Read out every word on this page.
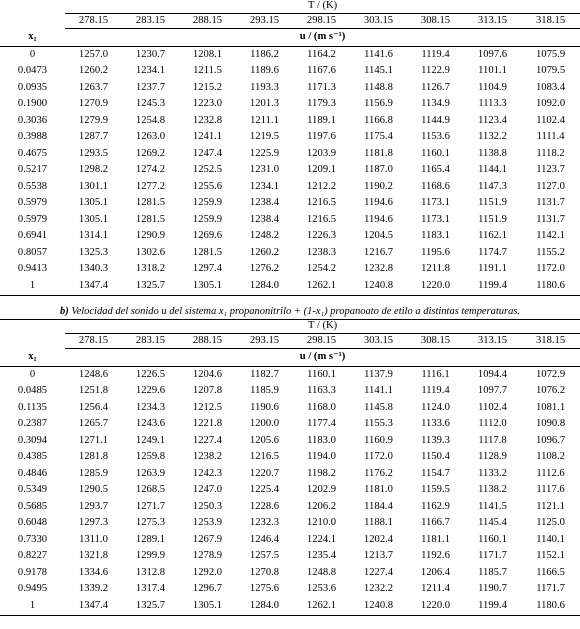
	T / (K)								
	278.15	283.15	288.15	293.15	298.15	303.15	308.15	313.15	318.15
x₁	u / (m s⁻¹)								
0	1257.0	1230.7	1208.1	1186.2	1164.2	1141.6	1119.4	1097.6	1075.9
0.0473	1260.2	1234.1	1211.5	1189.6	1167.6	1145.1	1122.9	1101.1	1079.5
0.0935	1263.7	1237.7	1215.2	1193.3	1171.3	1148.8	1126.7	1104.9	1083.4
0.1900	1270.9	1245.3	1223.0	1201.3	1179.3	1156.9	1134.9	1113.3	1092.0
0.3036	1279.9	1254.8	1232.8	1211.1	1189.1	1166.8	1144.9	1123.4	1102.4
0.3988	1287.7	1263.0	1241.1	1219.5	1197.6	1175.4	1153.6	1132.2	1111.4
0.4675	1293.5	1269.2	1247.4	1225.9	1203.9	1181.8	1160.1	1138.8	1118.2
0.5217	1298.2	1274.2	1252.5	1231.0	1209.1	1187.0	1165.4	1144.1	1123.7
0.5538	1301.1	1277.2	1255.6	1234.1	1212.2	1190.2	1168.6	1147.3	1127.0
0.5979	1305.1	1281.5	1259.9	1238.4	1216.5	1194.6	1173.1	1151.9	1131.7
0.5979	1305.1	1281.5	1259.9	1238.4	1216.5	1194.6	1173.1	1151.9	1131.7
0.6941	1314.1	1290.9	1269.6	1248.2	1226.3	1204.5	1183.1	1162.1	1142.1
0.8057	1325.3	1302.6	1281.5	1260.2	1238.3	1216.7	1195.6	1174.7	1155.2
0.9413	1340.3	1318.2	1297.4	1276.2	1254.2	1232.8	1211.8	1191.1	1172.0
1	1347.4	1325.7	1305.1	1284.0	1262.1	1240.8	1220.0	1199.4	1180.6
b) Velocidad del sonido u del sistema x₁ propanonitrilo + (1-x₁) propanoato de etilo a distintas temperaturas.
	T / (K)								
	278.15	283.15	288.15	293.15	298.15	303.15	308.15	313.15	318.15
x₁	u / (m s⁻¹)								
0	1248.6	1226.5	1204.6	1182.7	1160.1	1137.9	1116.1	1094.4	1072.9
0.0485	1251.8	1229.6	1207.8	1185.9	1163.3	1141.1	1119.4	1097.7	1076.2
0.1135	1256.4	1234.3	1212.5	1190.6	1168.0	1145.8	1124.0	1102.4	1081.1
0.2387	1265.7	1243.6	1221.8	1200.0	1177.4	1155.3	1133.6	1112.0	1090.8
0.3094	1271.1	1249.1	1227.4	1205.6	1183.0	1160.9	1139.3	1117.8	1096.7
0.4385	1281.8	1259.8	1238.2	1216.5	1194.0	1172.0	1150.4	1128.9	1108.2
0.4846	1285.9	1263.9	1242.3	1220.7	1198.2	1176.2	1154.7	1133.2	1112.6
0.5349	1290.5	1268.5	1247.0	1225.4	1202.9	1181.0	1159.5	1138.2	1117.6
0.5685	1293.7	1271.7	1250.3	1228.6	1206.2	1184.4	1162.9	1141.5	1121.1
0.6048	1297.3	1275.3	1253.9	1232.3	1210.0	1188.1	1166.7	1145.4	1125.0
0.7330	1311.0	1289.1	1267.9	1246.4	1224.1	1202.4	1181.1	1160.1	1140.1
0.8227	1321.8	1299.9	1278.9	1257.5	1235.4	1213.7	1192.6	1171.7	1152.1
0.9178	1334.6	1312.8	1292.0	1270.8	1248.8	1227.4	1206.4	1185.7	1166.5
0.9495	1339.2	1317.4	1296.7	1275.6	1253.6	1232.2	1211.4	1190.7	1171.7
1	1347.4	1325.7	1305.1	1284.0	1262.1	1240.8	1220.0	1199.4	1180.6
